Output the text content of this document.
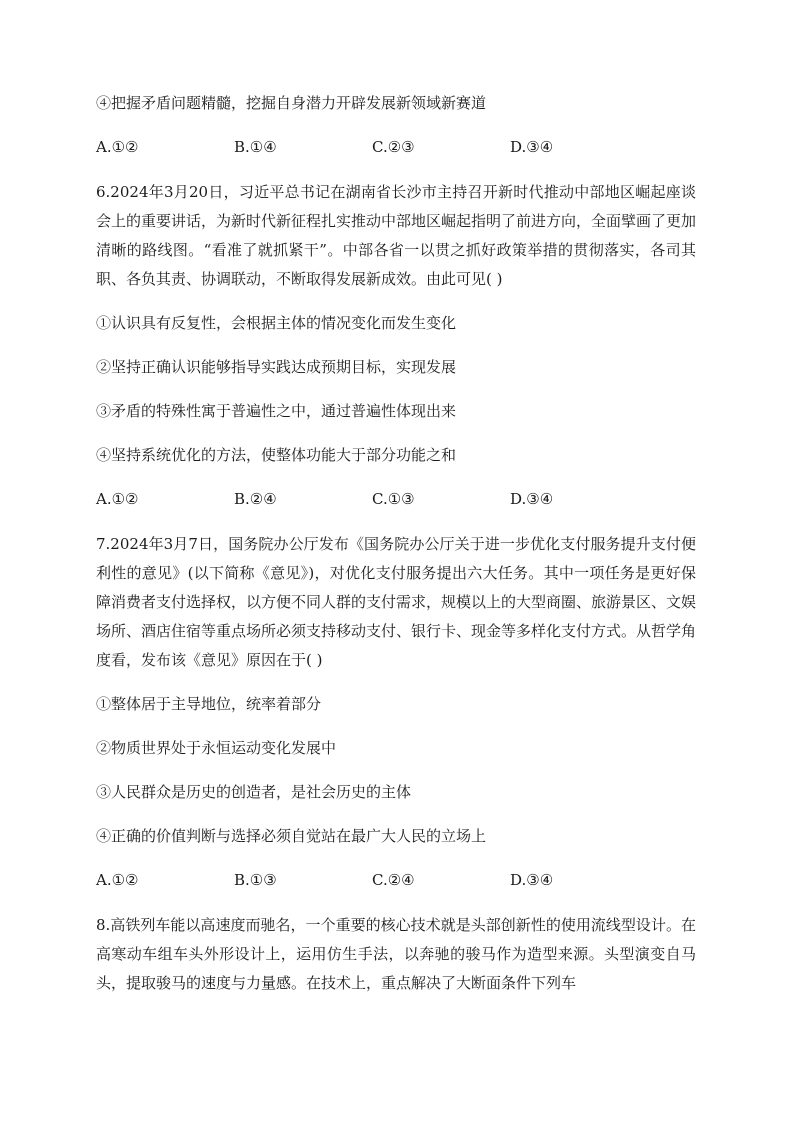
④把握矛盾问题精髓，挖掘自身潜力开辟发展新领域新赛道
A.①②	B.①④	C.②③	D.③④
6.2024年3月20日，习近平总书记在湖南省长沙市主持召开新时代推动中部地区崛起座谈会上的重要讲话，为新时代新征程扎实推动中部地区崛起指明了前进方向，全面擘画了更加清晰的路线图。“看准了就抓紧干”。中部各省一以贯之抓好政策举措的贯彻落实，各司其职、各负其责、协调联动，不断取得发展新成效。由此可见( )
①认识具有反复性，会根据主体的情况变化而发生变化
②坚持正确认识能够指导实践达成预期目标，实现发展
③矛盾的特殊性寓于普遍性之中，通过普遍性体现出来
④坚持系统优化的方法，使整体功能大于部分功能之和
A.①②	B.②④	C.①③	D.③④
7.2024年3月7日，国务院办公厅发布《国务院办公厅关于进一步优化支付服务提升支付便利性的意见》(以下简称《意见》)，对优化支付服务提出六大任务。其中一项任务是更好保障消费者支付选择权，以方便不同人群的支付需求，规模以上的大型商圈、旅游景区、文娱场所、酒店住宿等重点场所必须支持移动支付、银行卡、现金等多样化支付方式。从哲学角度看，发布该《意见》原因在于( )
①整体居于主导地位，统率着部分
②物质世界处于永恒运动变化发展中
③人民群众是历史的创造者，是社会历史的主体
④正确的价值判断与选择必须自觉站在最广大人民的立场上
A.①②	B.①③	C.②④	D.③④
8.高铁列车能以高速度而驰名，一个重要的核心技术就是头部创新性的使用流线型设计。在高寒动车组车头外形设计上，运用仿生手法，以奔驰的骏马作为造型来源。头型演变自马头，提取骏马的速度与力量感。在技术上，重点解决了大断面条件下列车
